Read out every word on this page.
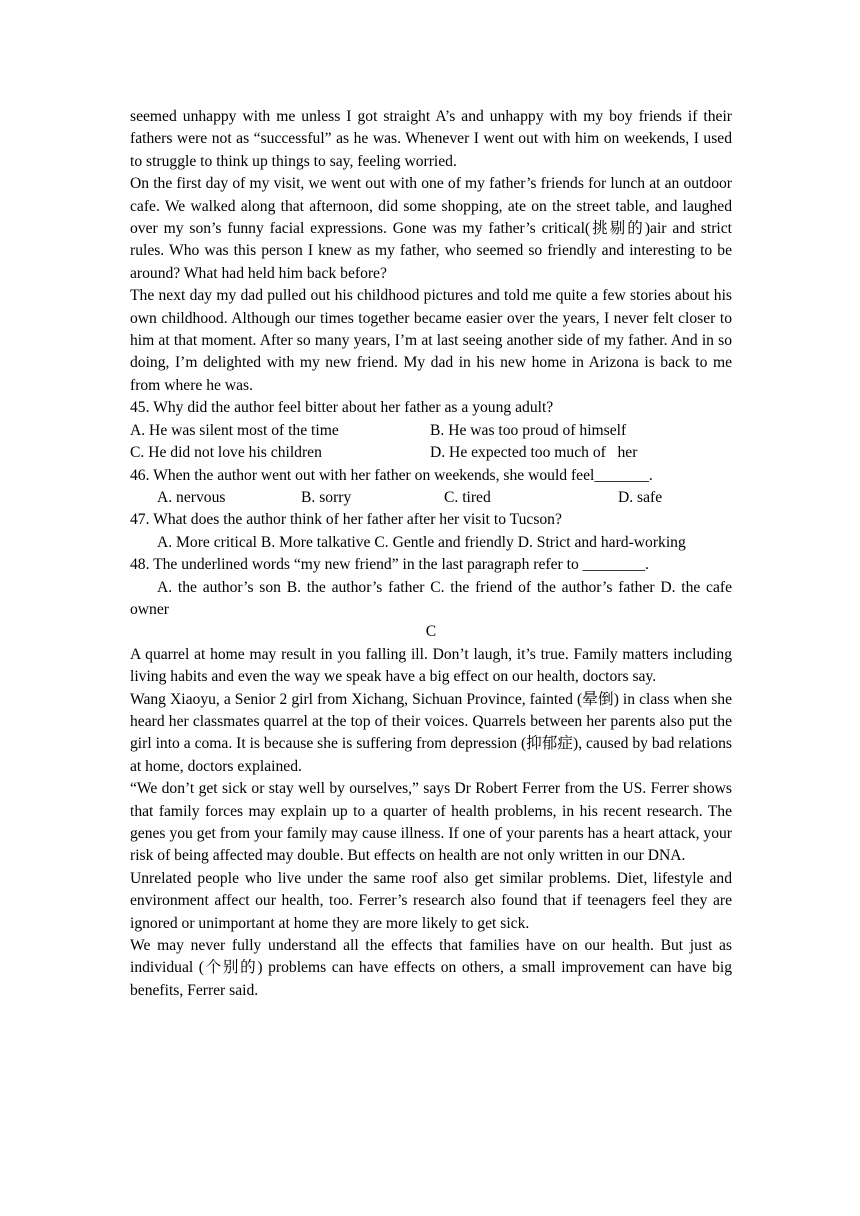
seemed unhappy with me unless I got straight A’s and unhappy with my boy friends if their fathers were not as “successful” as he was. Whenever I went out with him on weekends, I used to struggle to think up things to say, feeling worried.

On the first day of my visit, we went out with one of my father’s friends for lunch at an outdoor cafe. We walked along that afternoon, did some shopping, ate on the street table, and laughed over my son’s funny facial expressions. Gone was my father’s critical(挑剔的)air and strict rules. Who was this person I knew as my father, who seemed so friendly and interesting to be around? What had held him back before?

The next day my dad pulled out his childhood pictures and told me quite a few stories about his own childhood. Although our times together became easier over the years, I never felt closer to him at that moment. After so many years, I’m at last seeing another side of my father. And in so doing, I’m delighted with my new friend. My dad in his new home in Arizona is back to me from where he was.

45. Why did the author feel bitter about her father as a young adult?

A. He was silent most of the time	B. He was too proud of himself
C. He did not love his children	D. He expected too much of   her

46. When the author went out with her father on weekends, she would feel_______.

A. nervous	B. sorry	C. tired	D. safe

47. What does the author think of her father after her visit to Tucson?

A. More critical B. More talkative C. Gentle and friendly D. Strict and hard-working

48. The underlined words “my new friend” in the last paragraph refer to ________.

A. the author’s son B. the author’s father C. the friend of the author’s father D. the cafe owner

C

A quarrel at home may result in you falling ill. Don’t laugh, it’s true. Family matters including living habits and even the way we speak have a big effect on our health, doctors say.

Wang Xiaoyu, a Senior 2 girl from Xichang, Sichuan Province, fainted (晕倒) in class when she heard her classmates quarrel at the top of their voices. Quarrels between her parents also put the girl into a coma. It is because she is suffering from depression (抑郁症), caused by bad relations at home, doctors explained.

“We don’t get sick or stay well by ourselves,” says Dr Robert Ferrer from the US. Ferrer shows that family forces may explain up to a quarter of health problems, in his recent research. The genes you get from your family may cause illness. If one of your parents has a heart attack, your risk of being affected may double. But effects on health are not only written in our DNA.

Unrelated people who live under the same roof also get similar problems. Diet, lifestyle and environment affect our health, too. Ferrer’s research also found that if teenagers feel they are ignored or unimportant at home they are more likely to get sick.

We may never fully understand all the effects that families have on our health. But just as individual (个别的) problems can have effects on others, a small improvement can have big benefits, Ferrer said.
